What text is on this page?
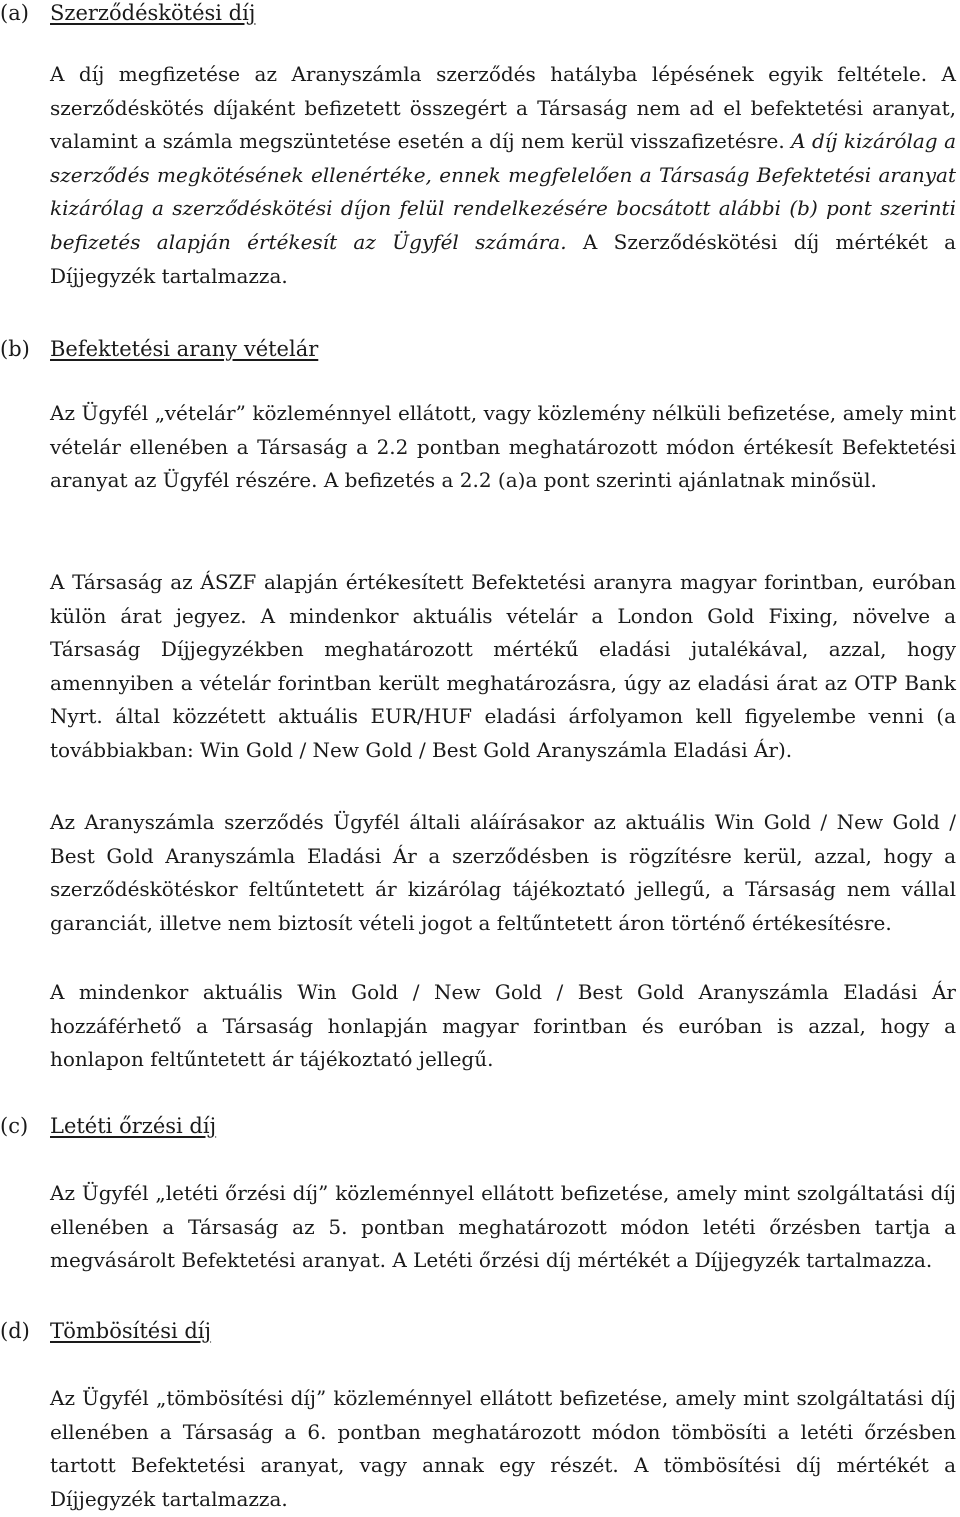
(a) Szerződéskötési díj
A díj megfizetése az Aranyszámla szerződés hatályba lépésének egyik feltétele. A szerződéskötés díjaként befizetett összegért a Társaság nem ad el befektetési aranyat, valamint a számla megszüntetése esetén a díj nem kerül visszafizetésre. A díj kizárólag a szerződés megkötésének ellenértéke, ennek megfelelően a Társaság Befektetési aranyat kizárólag a szerződéskötési díjon felül rendelkezésére bocsátott alábbi (b) pont szerinti befizetés alapján értékesít az Ügyfél számára. A Szerződéskötési díj mértékét a Díjjegyzék tartalmazza.
(b) Befektetési arany vételár
Az Ügyfél „vételár” közleménnyel ellátott, vagy közlemény nélküli befizetése, amely mint vételár ellenében a Társaság a 2.2 pontban meghatározott módon értékesít Befektetési aranyat az Ügyfél részére. A befizetés a 2.2 (a)a pont szerinti ajánlatnak minősül.
A Társaság az ÁSZF alapján értékesített Befektetési aranyra magyar forintban, euróban külön árat jegyez. A mindenkor aktuális vételár a London Gold Fixing, növelve a Társaság Díjjegyzékben meghatározott mértékű eladási jutalékával, azzal, hogy amennyiben a vételár forintban került meghatározásra, úgy az eladási árat az OTP Bank Nyrt. által közzétett aktuális EUR/HUF eladási árfolyamon kell figyelembe venni (a továbbiakban: Win Gold / New Gold / Best Gold Aranyszámla Eladási Ár).
Az Aranyszámla szerződés Ügyfél általi aláírásakor az aktuális Win Gold / New Gold / Best Gold Aranyszámla Eladási Ár a szerződésben is rögzítésre kerül, azzal, hogy a szerződéskötéskor feltűntetett ár kizárólag tájékoztató jellegű, a Társaság nem vállal garanciát, illetve nem biztosít vételi jogot a feltűntetett áron történő értékesítésre.
A mindenkor aktuális Win Gold / New Gold / Best Gold Aranyszámla Eladási Ár hozzáférhető a Társaság honlapján magyar forintban és euróban is azzal, hogy a honlapon feltűntetett ár tájékoztató jellegű.
(c) Letéti őrzési díj
Az Ügyfél „letéti őrzési díj” közleménnyel ellátott befizetése, amely mint szolgáltatási díj ellenében a Társaság az 5. pontban meghatározott módon letéti őrzésben tartja a megvásárolt Befektetési aranyat. A Letéti őrzési díj mértékét a Díjjegyzék tartalmazza.
(d) Tömbösítési díj
Az Ügyfél „tömbösítési díj” közleménnyel ellátott befizetése, amely mint szolgáltatási díj ellenében a Társaság a 6. pontban meghatározott módon tömbösíti a letéti őrzésben tartott Befektetési aranyat, vagy annak egy részét. A tömbösítési díj mértékét a Díjjegyzék tartalmazza.
